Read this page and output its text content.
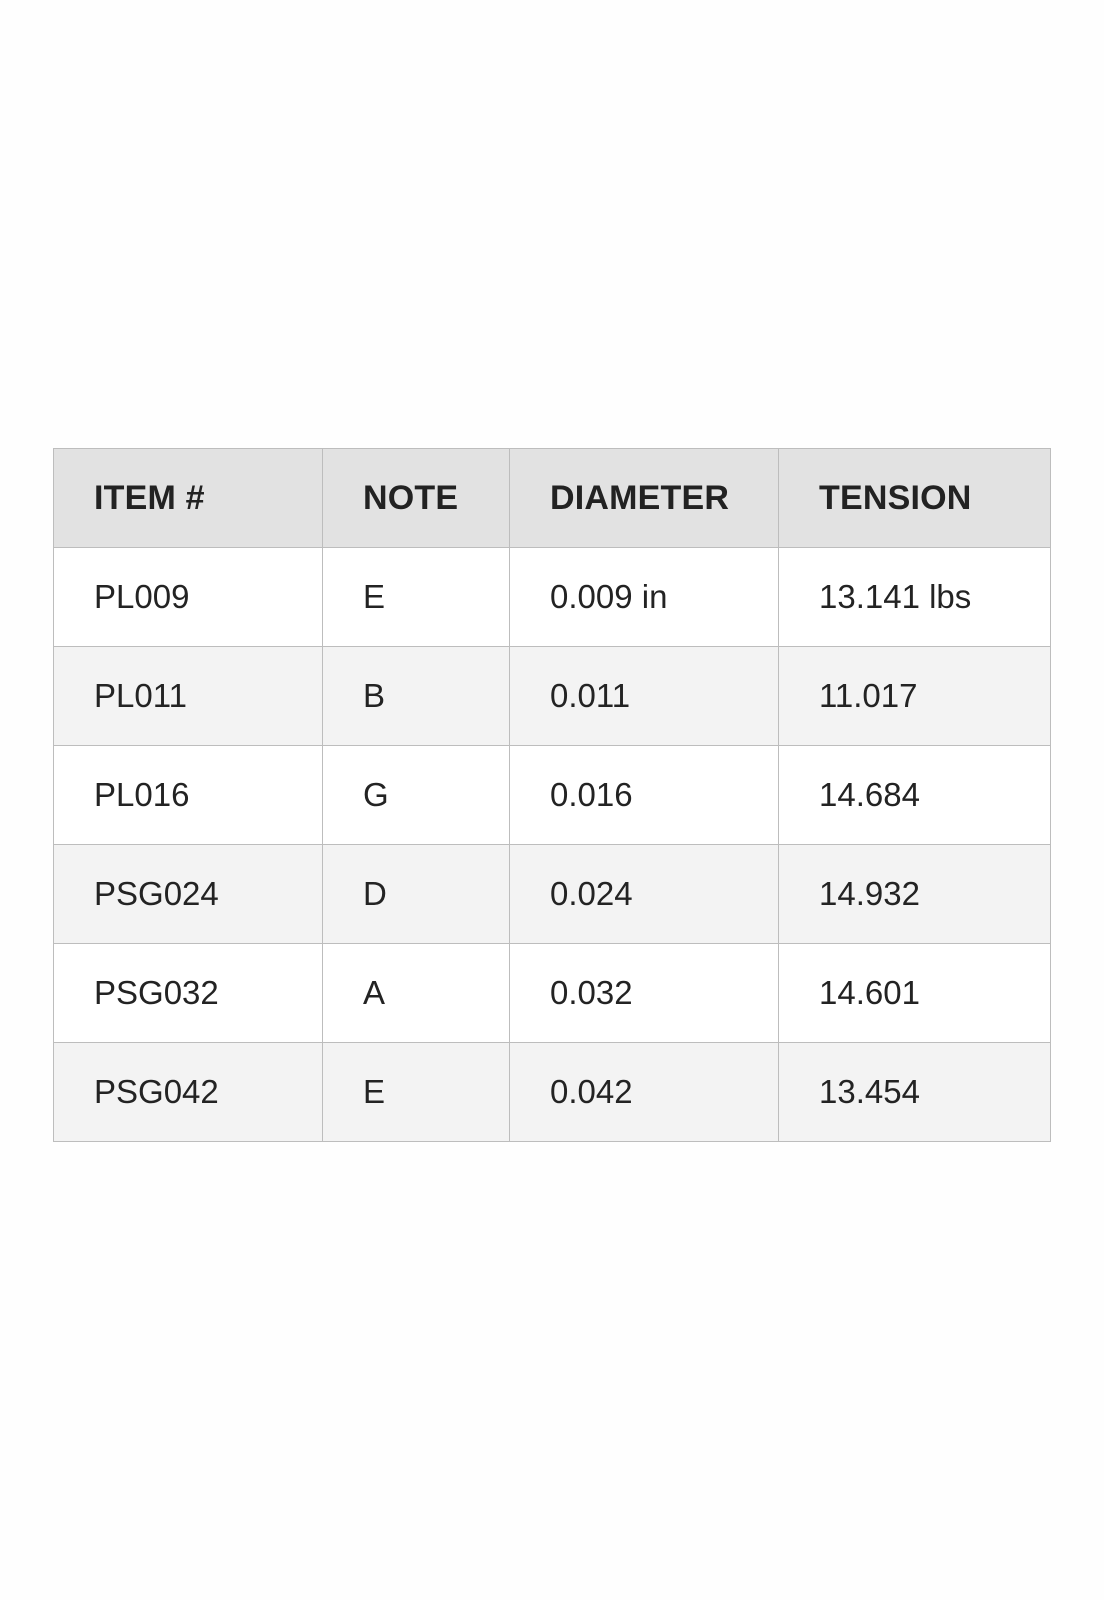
ITEM #	NOTE	DIAMETER	TENSION
PL009	E	0.009 in	13.141 lbs
PL011	B	0.011	11.017
PL016	G	0.016	14.684
PSG024	D	0.024	14.932
PSG032	A	0.032	14.601
PSG042	E	0.042	13.454
